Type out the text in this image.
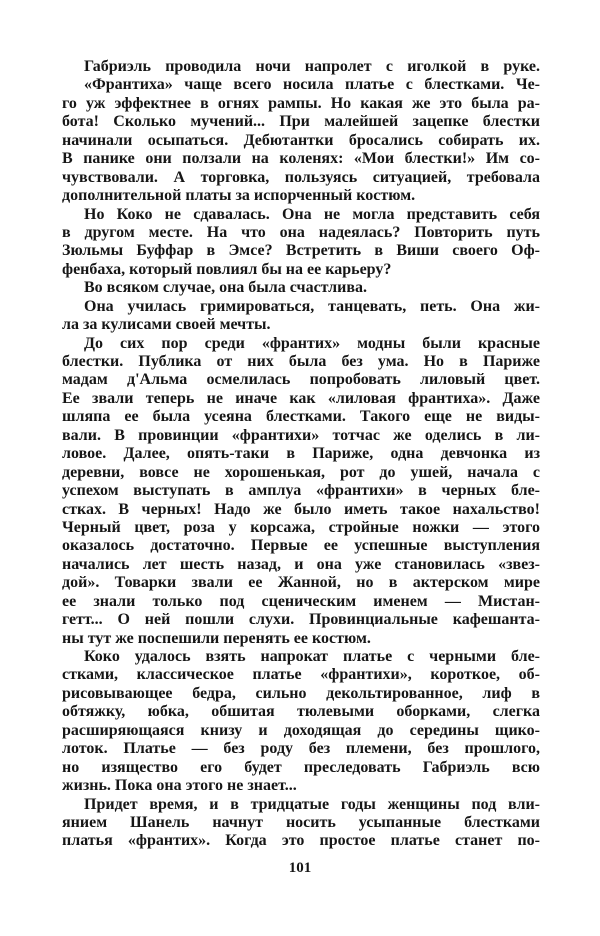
Габриэль проводила ночи напролет с иголкой в руке.
«Франтиха» чаще всего носила платье с блестками. Че-
го уж эффектнее в огнях рампы. Но какая же это была ра-
бота! Сколько мучений... При малейшей зацепке блестки
начинали осыпаться. Дебютантки бросались собирать их.
В панике они ползали на коленях: «Мои блестки!» Им со-
чувствовали. А торговка, пользуясь ситуацией, требовала
дополнительной платы за испорченный костюм.
Но Коко не сдавалась. Она не могла представить себя
в другом месте. На что она надеялась? Повторить путь
Зюльмы Буффар в Эмсе? Встретить в Виши своего Оф-
фенбаха, который повлиял бы на ее карьеру?
Во всяком случае, она была счастлива.
Она училась гримироваться, танцевать, петь. Она жи-
ла за кулисами своей мечты.
До сих пор среди «франтих» модны были красные
блестки. Публика от них была без ума. Но в Париже
мадам д'Альма осмелилась попробовать лиловый цвет.
Ее звали теперь не иначе как «лиловая франтиха». Даже
шляпа ее была усеяна блестками. Такого еще не виды-
вали. В провинции «франтихи» тотчас же оделись в ли-
ловое. Далее, опять-таки в Париже, одна девчонка из
деревни, вовсе не хорошенькая, рот до ушей, начала с
успехом выступать в амплуа «франтихи» в черных бле-
стках. В черных! Надо же было иметь такое нахальство!
Черный цвет, роза у корсажа, стройные ножки — этого
оказалось достаточно. Первые ее успешные выступления
начались лет шесть назад, и она уже становилась «звез-
дой». Товарки звали ее Жанной, но в актерском мире
ее знали только под сценическим именем — Мистан-
гетт... О ней пошли слухи. Провинциальные кафешанта-
ны тут же поспешили перенять ее костюм.
Коко удалось взять напрокат платье с черными бле-
стками, классическое платье «франтихи», короткое, об-
рисовывающее бедра, сильно декольтированное, лиф в
обтяжку, юбка, обшитая тюлевыми оборками, слегка
расширяющаяся книзу и доходящая до середины щико-
лоток. Платье — без роду без племени, без прошлого,
но изящество его будет преследовать Габриэль всю
жизнь. Пока она этого не знает...
Придет время, и в тридцатые годы женщины под вли-
янием Шанель начнут носить усыпанные блестками
платья «франтих». Когда это простое платье станет по-
101
